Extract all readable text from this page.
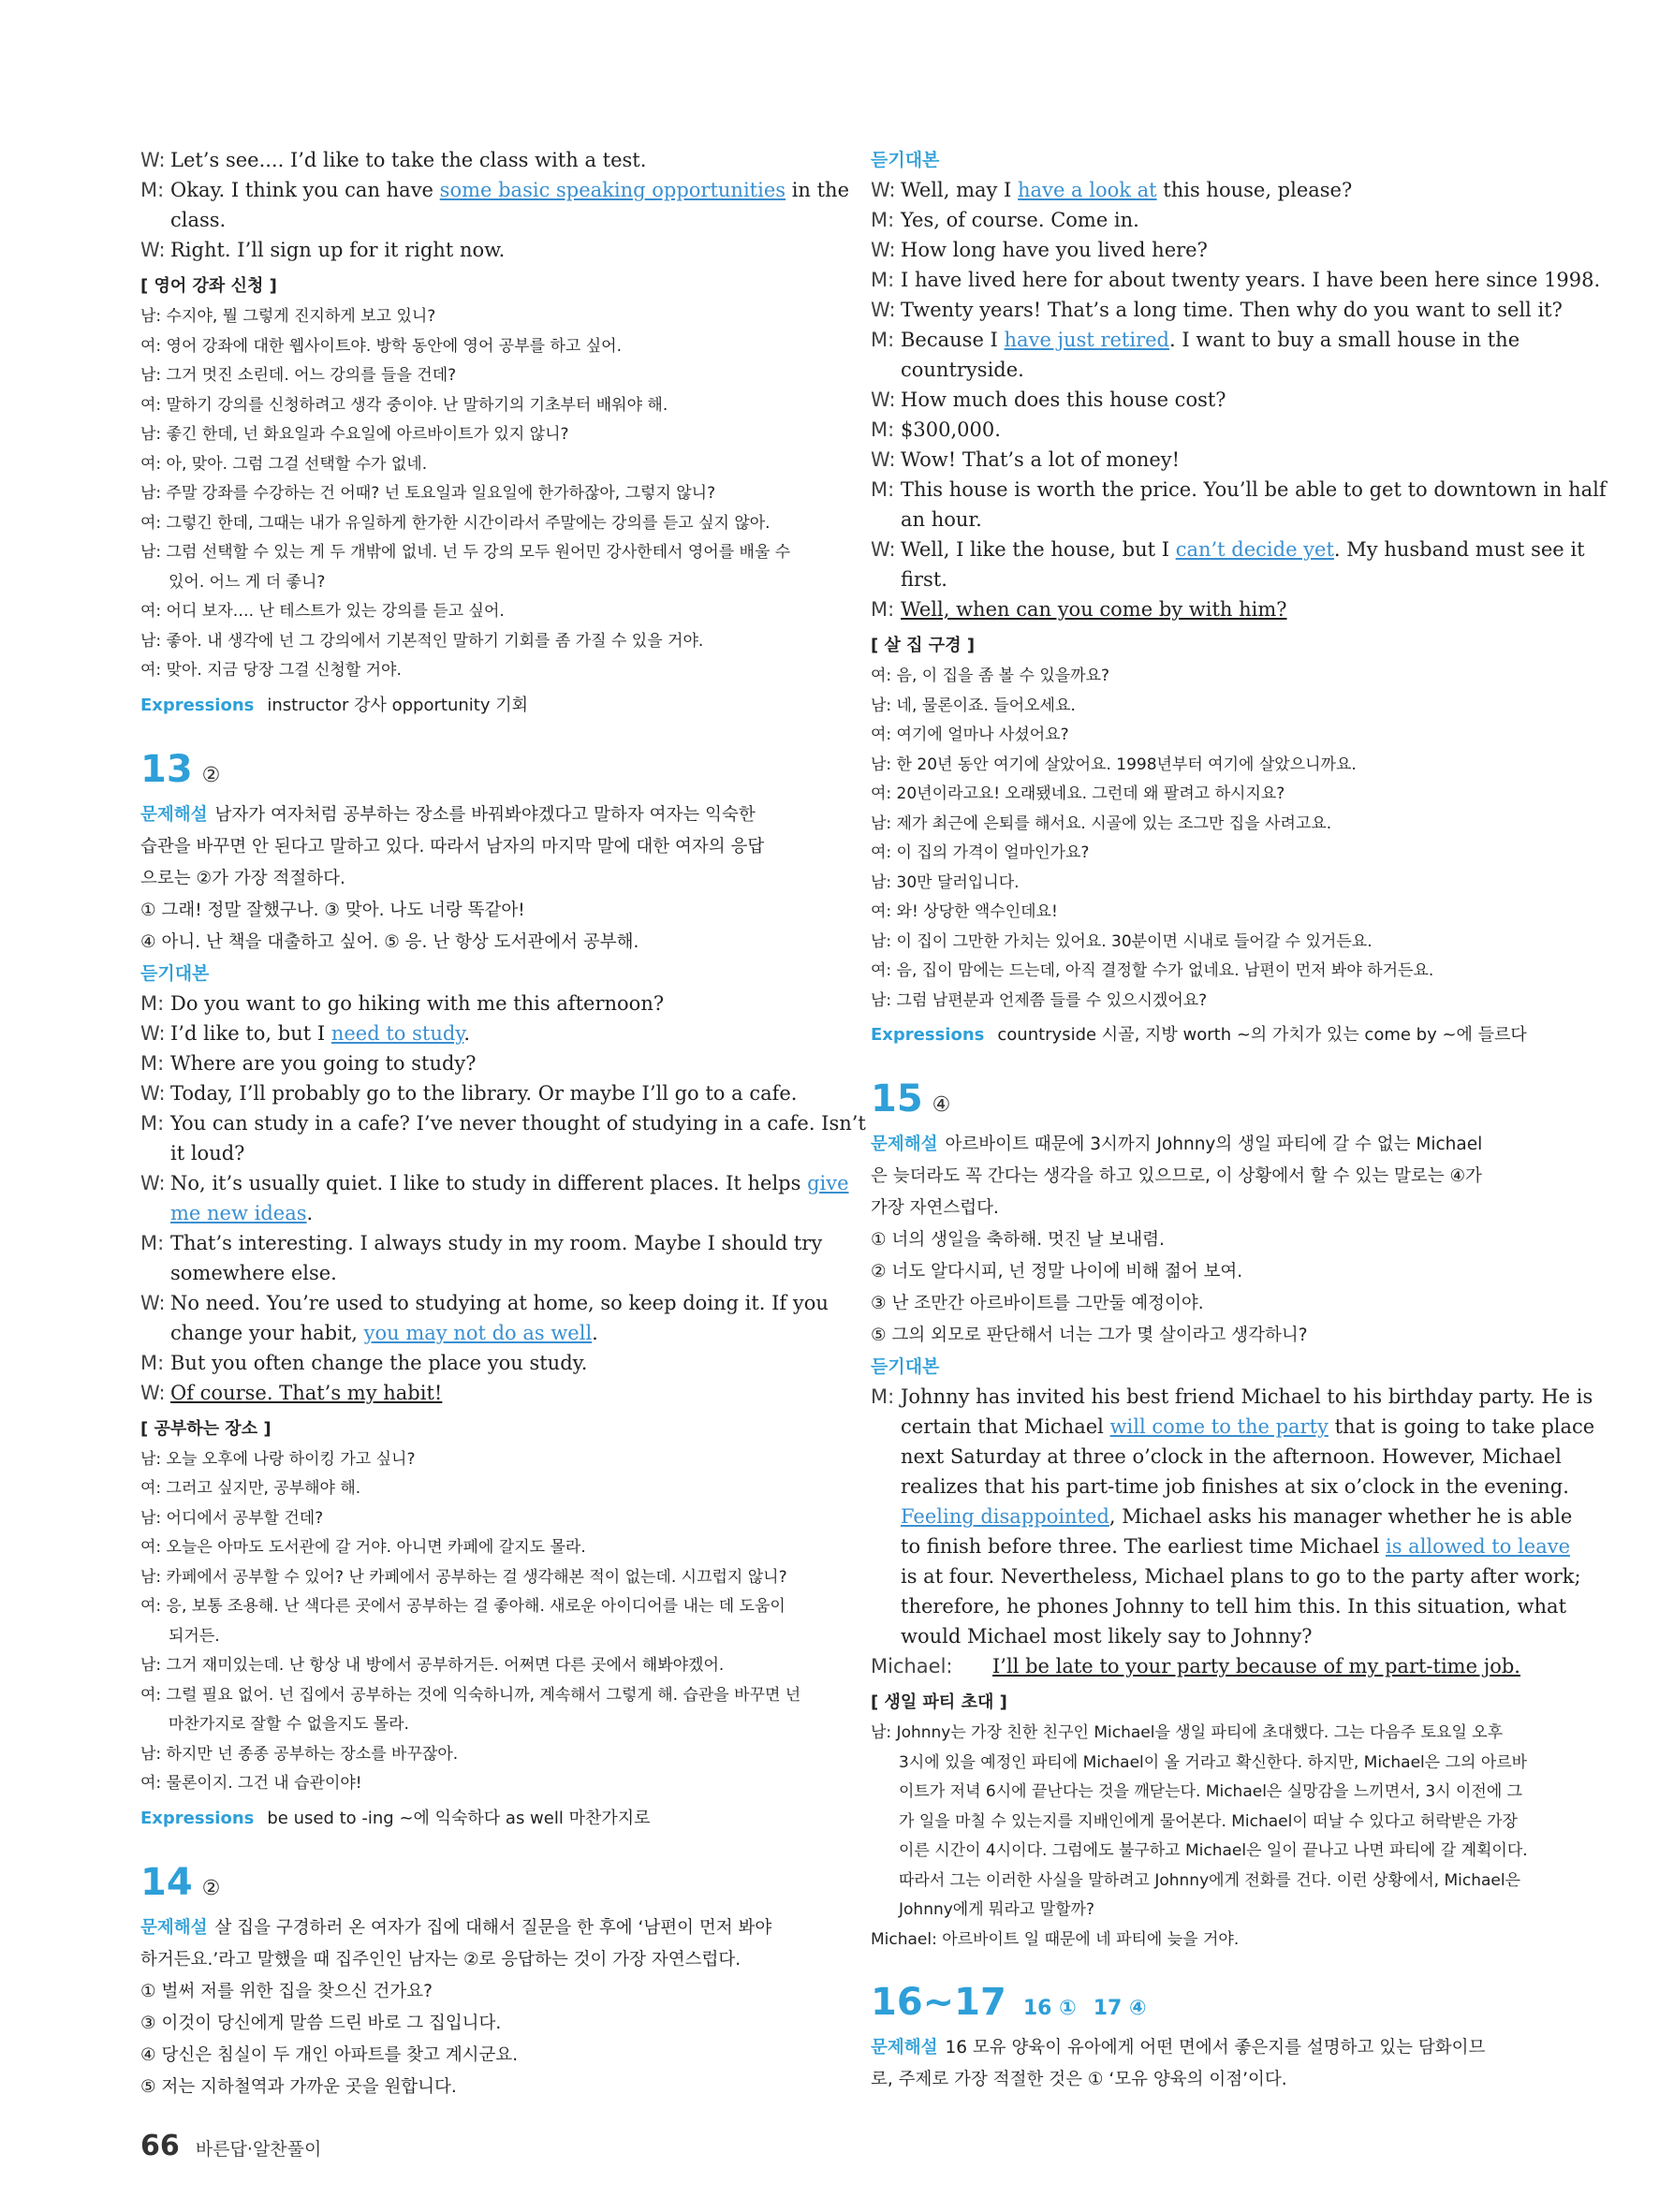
W: Let’s see.... I’d like to take the class with a test.
M: Okay. I think you can have some basic speaking opportunities in the
class.
W: Right. I’ll sign up for it right now.
[ 영어 강좌 신청 ]
남: 수지야, 뭘 그렇게 진지하게 보고 있니?
여: 영어 강좌에 대한 웹사이트야. 방학 동안에 영어 공부를 하고 싶어.
남: 그거 멋진 소린데. 어느 강의를 들을 건데?
여: 말하기 강의를 신청하려고 생각 중이야. 난 말하기의 기초부터 배워야 해.
남: 좋긴 한데, 넌 화요일과 수요일에 아르바이트가 있지 않니?
여: 아, 맞아. 그럼 그걸 선택할 수가 없네.
남: 주말 강좌를 수강하는 건 어때? 넌 토요일과 일요일에 한가하잖아, 그렇지 않니?
여: 그렇긴 한데, 그때는 내가 유일하게 한가한 시간이라서 주말에는 강의를 듣고 싶지 않아.
남: 그럼 선택할 수 있는 게 두 개밖에 없네. 넌 두 강의 모두 원어민 강사한테서 영어를 배울 수
있어. 어느 게 더 좋니?
여: 어디 보자…. 난 테스트가 있는 강의를 듣고 싶어.
남: 좋아. 내 생각에 넌 그 강의에서 기본적인 말하기 기회를 좀 가질 수 있을 거야.
여: 맞아. 지금 당장 그걸 신청할 거야.
Expressions instructor 강사 opportunity 기회
13 ②
문제해설 남자가 여자처럼 공부하는 장소를 바꿔봐야겠다고 말하자 여자는 익숙한
습관을 바꾸면 안 된다고 말하고 있다. 따라서 남자의 마지막 말에 대한 여자의 응답
으로는 ②가 가장 적절하다.
① 그래! 정말 잘했구나. ③ 맞아. 나도 너랑 똑같아!
④ 아니. 난 책을 대출하고 싶어. ⑤ 응. 난 항상 도서관에서 공부해.
듣기대본
M: Do you want to go hiking with me this afternoon?
W: I’d like to, but I need to study.
M: Where are you going to study?
W: Today, I’ll probably go to the library. Or maybe I’ll go to a cafe.
M: You can study in a cafe? I’ve never thought of studying in a cafe. Isn’t
it loud?
W: No, it’s usually quiet. I like to study in different places. It helps give
me new ideas.
M: That’s interesting. I always study in my room. Maybe I should try
somewhere else.
W: No need. You’re used to studying at home, so keep doing it. If you
change your habit, you may not do as well.
M: But you often change the place you study.
W: Of course. That’s my habit!
[ 공부하는 장소 ]
남: 오늘 오후에 나랑 하이킹 가고 싶니?
여: 그러고 싶지만, 공부해야 해.
남: 어디에서 공부할 건데?
여: 오늘은 아마도 도서관에 갈 거야. 아니면 카페에 갈지도 몰라.
남: 카페에서 공부할 수 있어? 난 카페에서 공부하는 걸 생각해본 적이 없는데. 시끄럽지 않니?
여: 응, 보통 조용해. 난 색다른 곳에서 공부하는 걸 좋아해. 새로운 아이디어를 내는 데 도움이
되거든.
남: 그거 재미있는데. 난 항상 내 방에서 공부하거든. 어쩌면 다른 곳에서 해봐야겠어.
여: 그럴 필요 없어. 넌 집에서 공부하는 것에 익숙하니까, 계속해서 그렇게 해. 습관을 바꾸면 넌
마찬가지로 잘할 수 없을지도 몰라.
남: 하지만 넌 종종 공부하는 장소를 바꾸잖아.
여: 물론이지. 그건 내 습관이야!
Expressions be used to -ing ~에 익숙하다 as well 마찬가지로
14 ②
문제해설 살 집을 구경하러 온 여자가 집에 대해서 질문을 한 후에 ‘남편이 먼저 봐야
하거든요.’라고 말했을 때 집주인인 남자는 ②로 응답하는 것이 가장 자연스럽다.
① 벌써 저를 위한 집을 찾으신 건가요?
③ 이것이 당신에게 말씀 드린 바로 그 집입니다.
④ 당신은 침실이 두 개인 아파트를 찾고 계시군요.
⑤ 저는 지하철역과 가까운 곳을 원합니다.
듣기대본
W: Well, may I have a look at this house, please?
M: Yes, of course. Come in.
W: How long have you lived here?
M: I have lived here for about twenty years. I have been here since 1998.
W: Twenty years! That’s a long time. Then why do you want to sell it?
M: Because I have just retired. I want to buy a small house in the
countryside.
W: How much does this house cost?
M: $300,000.
W: Wow! That’s a lot of money!
M: This house is worth the price. You’ll be able to get to downtown in half
an hour.
W: Well, I like the house, but I can’t decide yet. My husband must see it
first.
M: Well, when can you come by with him?
[ 살 집 구경 ]
여: 음, 이 집을 좀 볼 수 있을까요?
남: 네, 물론이죠. 들어오세요.
여: 여기에 얼마나 사셨어요?
남: 한 20년 동안 여기에 살았어요. 1998년부터 여기에 살았으니까요.
여: 20년이라고요! 오래됐네요. 그런데 왜 팔려고 하시지요?
남: 제가 최근에 은퇴를 해서요. 시골에 있는 조그만 집을 사려고요.
여: 이 집의 가격이 얼마인가요?
남: 30만 달러입니다.
여: 와! 상당한 액수인데요!
남: 이 집이 그만한 가치는 있어요. 30분이면 시내로 들어갈 수 있거든요.
여: 음, 집이 맘에는 드는데, 아직 결정할 수가 없네요. 남편이 먼저 봐야 하거든요.
남: 그럼 남편분과 언제쯤 들를 수 있으시겠어요?
Expressions countryside 시골, 지방 worth ~의 가치가 있는 come by ~에 들르다
15 ④
문제해설 아르바이트 때문에 3시까지 Johnny의 생일 파티에 갈 수 없는 Michael
은 늦더라도 꼭 간다는 생각을 하고 있으므로, 이 상황에서 할 수 있는 말로는 ④가
가장 자연스럽다.
① 너의 생일을 축하해. 멋진 날 보내렴.
② 너도 알다시피, 넌 정말 나이에 비해 젊어 보여.
③ 난 조만간 아르바이트를 그만둘 예정이야.
⑤ 그의 외모로 판단해서 너는 그가 몇 살이라고 생각하니?
듣기대본
M: Johnny has invited his best friend Michael to his birthday party. He is
certain that Michael will come to the party that is going to take place
next Saturday at three o’clock in the afternoon. However, Michael
realizes that his part-time job finishes at six o’clock in the evening.
Feeling disappointed, Michael asks his manager whether he is able
to finish before three. The earliest time Michael is allowed to leave
is at four. Nevertheless, Michael plans to go to the party after work;
therefore, he phones Johnny to tell him this. In this situation, what
would Michael most likely say to Johnny?
Michael: I’ll be late to your party because of my part-time job.
[ 생일 파티 초대 ]
남: Johnny는 가장 친한 친구인 Michael을 생일 파티에 초대했다. 그는 다음주 토요일 오후
3시에 있을 예정인 파티에 Michael이 올 거라고 확신한다. 하지만, Michael은 그의 아르바
이트가 저녁 6시에 끝난다는 것을 깨닫는다. Michael은 실망감을 느끼면서, 3시 이전에 그
가 일을 마칠 수 있는지를 지배인에게 물어본다. Michael이 떠날 수 있다고 허락받은 가장
이른 시간이 4시이다. 그럼에도 불구하고 Michael은 일이 끝나고 나면 파티에 갈 계획이다.
따라서 그는 이러한 사실을 말하려고 Johnny에게 전화를 건다. 이런 상황에서, Michael은
Johnny에게 뭐라고 말할까?
Michael: 아르바이트 일 때문에 네 파티에 늦을 거야.
16~17 16 ① 17 ④
문제해설 16 모유 양육이 유아에게 어떤 면에서 좋은지를 설명하고 있는 담화이므
로, 주제로 가장 적절한 것은 ① ‘모유 양육의 이점’이다.
66 바른답·알찬풀이
